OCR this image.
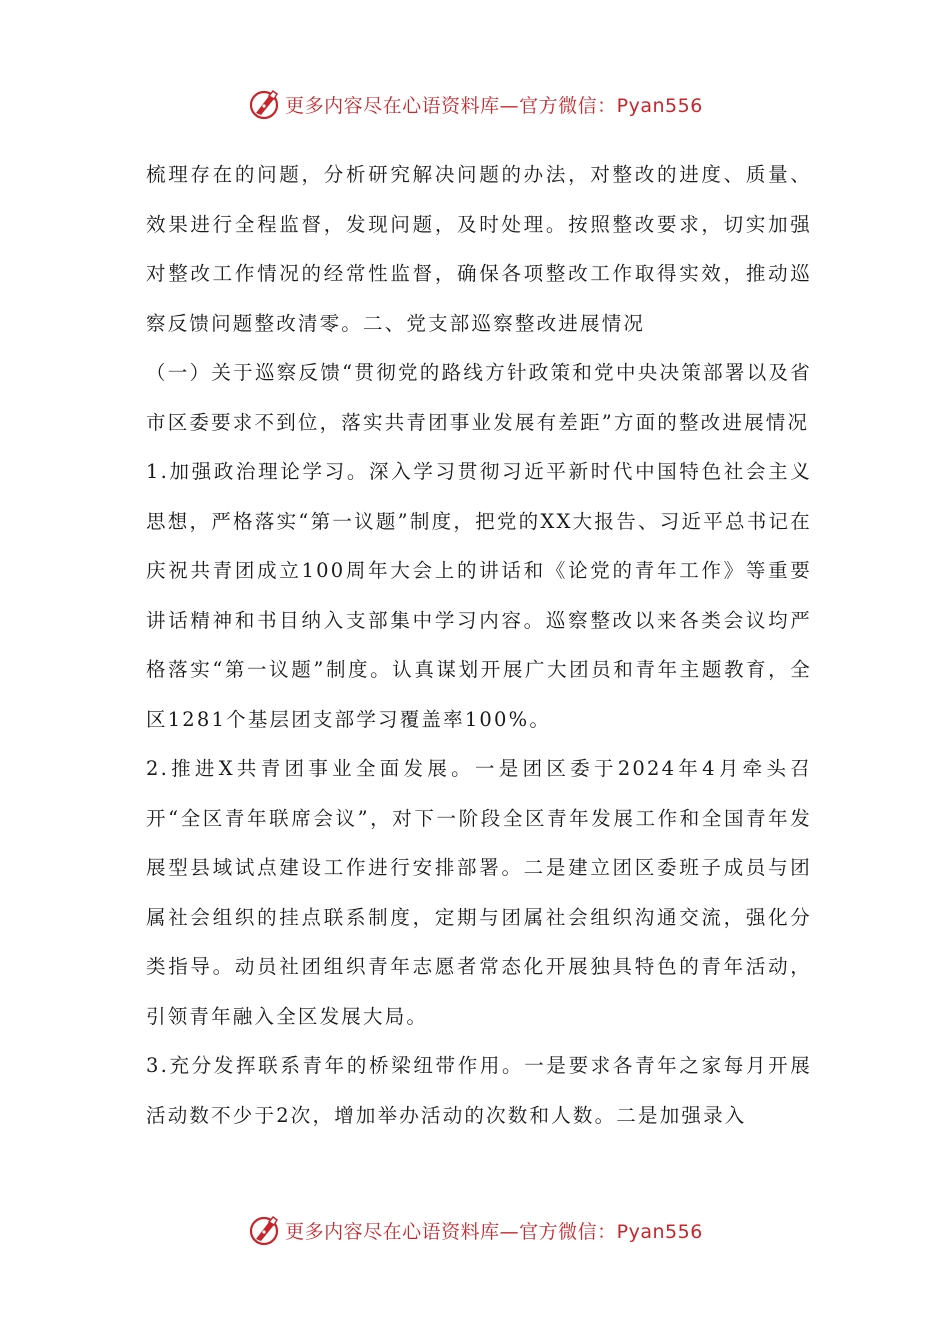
更多内容尽在心语资料库—官方微信：Pyan556

梳理存在的问题，分析研究解决问题的办法，对整改的进度、质量、效果进行全程监督，发现问题，及时处理。按照整改要求，切实加强对整改工作情况的经常性监督，确保各项整改工作取得实效，推动巡察反馈问题整改清零。二、党支部巡察整改进展情况

（一）关于巡察反馈“贯彻党的路线方针政策和党中央决策部署以及省市区委要求不到位，落实共青团事业发展有差距”方面的整改进展情况

1.加强政治理论学习。深入学习贯彻习近平新时代中国特色社会主义思想，严格落实“第一议题”制度，把党的XX大报告、习近平总书记在庆祝共青团成立100周年大会上的讲话和《论党的青年工作》等重要讲话精神和书目纳入支部集中学习内容。巡察整改以来各类会议均严格落实“第一议题”制度。认真谋划开展广大团员和青年主题教育，全区1281个基层团支部学习覆盖率100%。

2.推进X共青团事业全面发展。一是团区委于2024年4月牵头召开“全区青年联席会议”，对下一阶段全区青年发展工作和全国青年发展型县域试点建设工作进行安排部署。二是建立团区委班子成员与团属社会组织的挂点联系制度，定期与团属社会组织沟通交流，强化分类指导。动员社团组织青年志愿者常态化开展独具特色的青年活动，引领青年融入全区发展大局。

3.充分发挥联系青年的桥梁纽带作用。一是要求各青年之家每月开展活动数不少于2次，增加举办活动的次数和人数。二是加强录入

更多内容尽在心语资料库—官方微信：Pyan556
